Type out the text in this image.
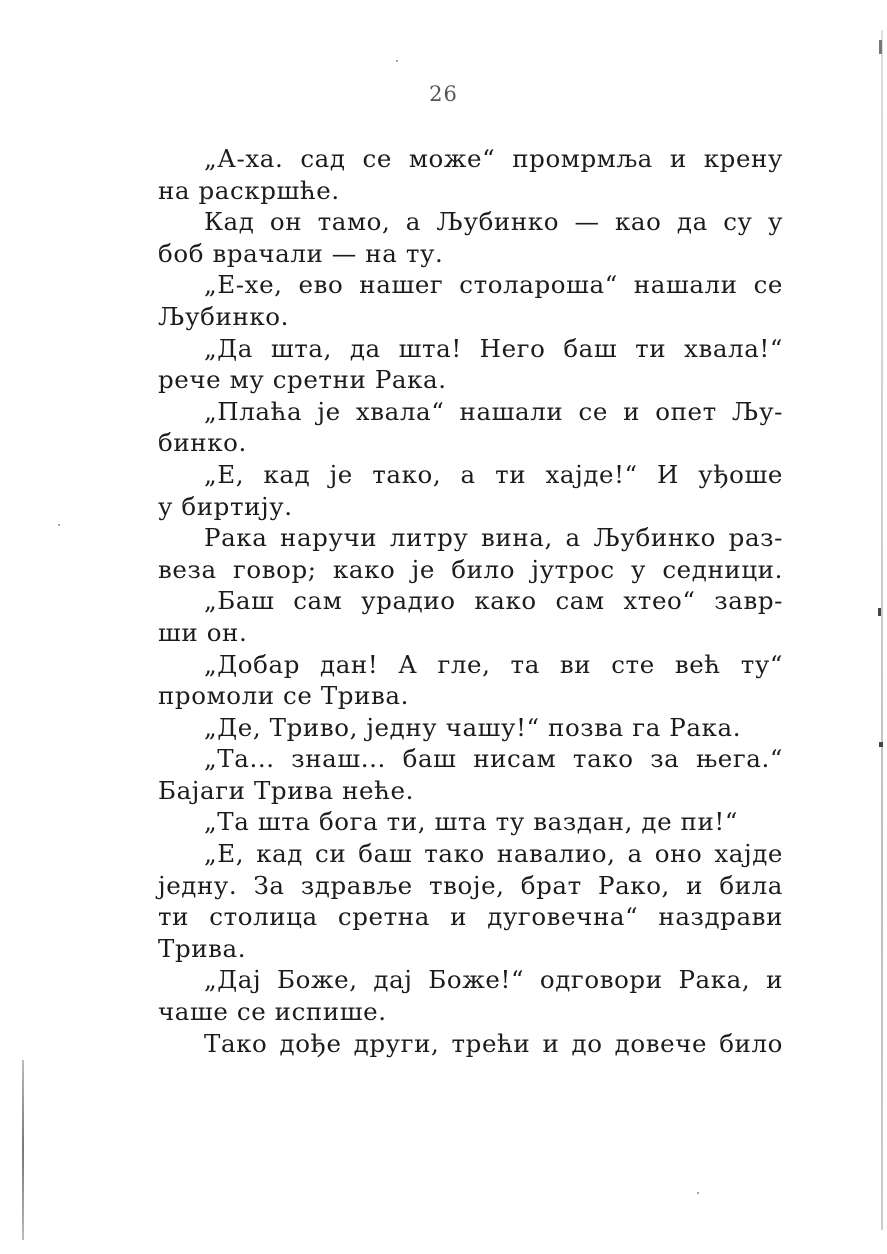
26
„А-ха. сад се може“ промрмља и крену
на раскршће.
Кад он тамо, а Љубинко — као да су у
боб врачали — на ту.
„Е-хе, ево нашег столароша“ нашали се
Љубинко.
„Да шта, да шта! Него баш ти хвала!“
рече му сретни Рака.
„Плаћа је хвала“ нашали се и опет Љу-
бинко.
„Е, кад је тако, а ти хајде!“ И уђоше
у биртију.
Рака наручи литру вина, а Љубинко раз-
веза говор; како је било јутрос у седници.
„Баш сам урадио како сам хтео“ завр-
ши он.
„Добар дан! А гле, та ви сте већ ту“
промоли се Трива.
„Де, Триво, једну чашу!“ позва га Рака.
„Та... знаш... баш нисам тако за њега.“
Бајаги Трива неће.
„Та шта бога ти, шта ту ваздан, де пи!“
„Е, кад си баш тако навалио, а оно хајде
једну. За здравље твоје, брат Рако, и била
ти столица сретна и дуговечна“ наздрави
Трива.
„Дај Боже, дај Боже!“ одговори Рака, и
чаше се испише.
Тако дође други, трећи и до довече било
